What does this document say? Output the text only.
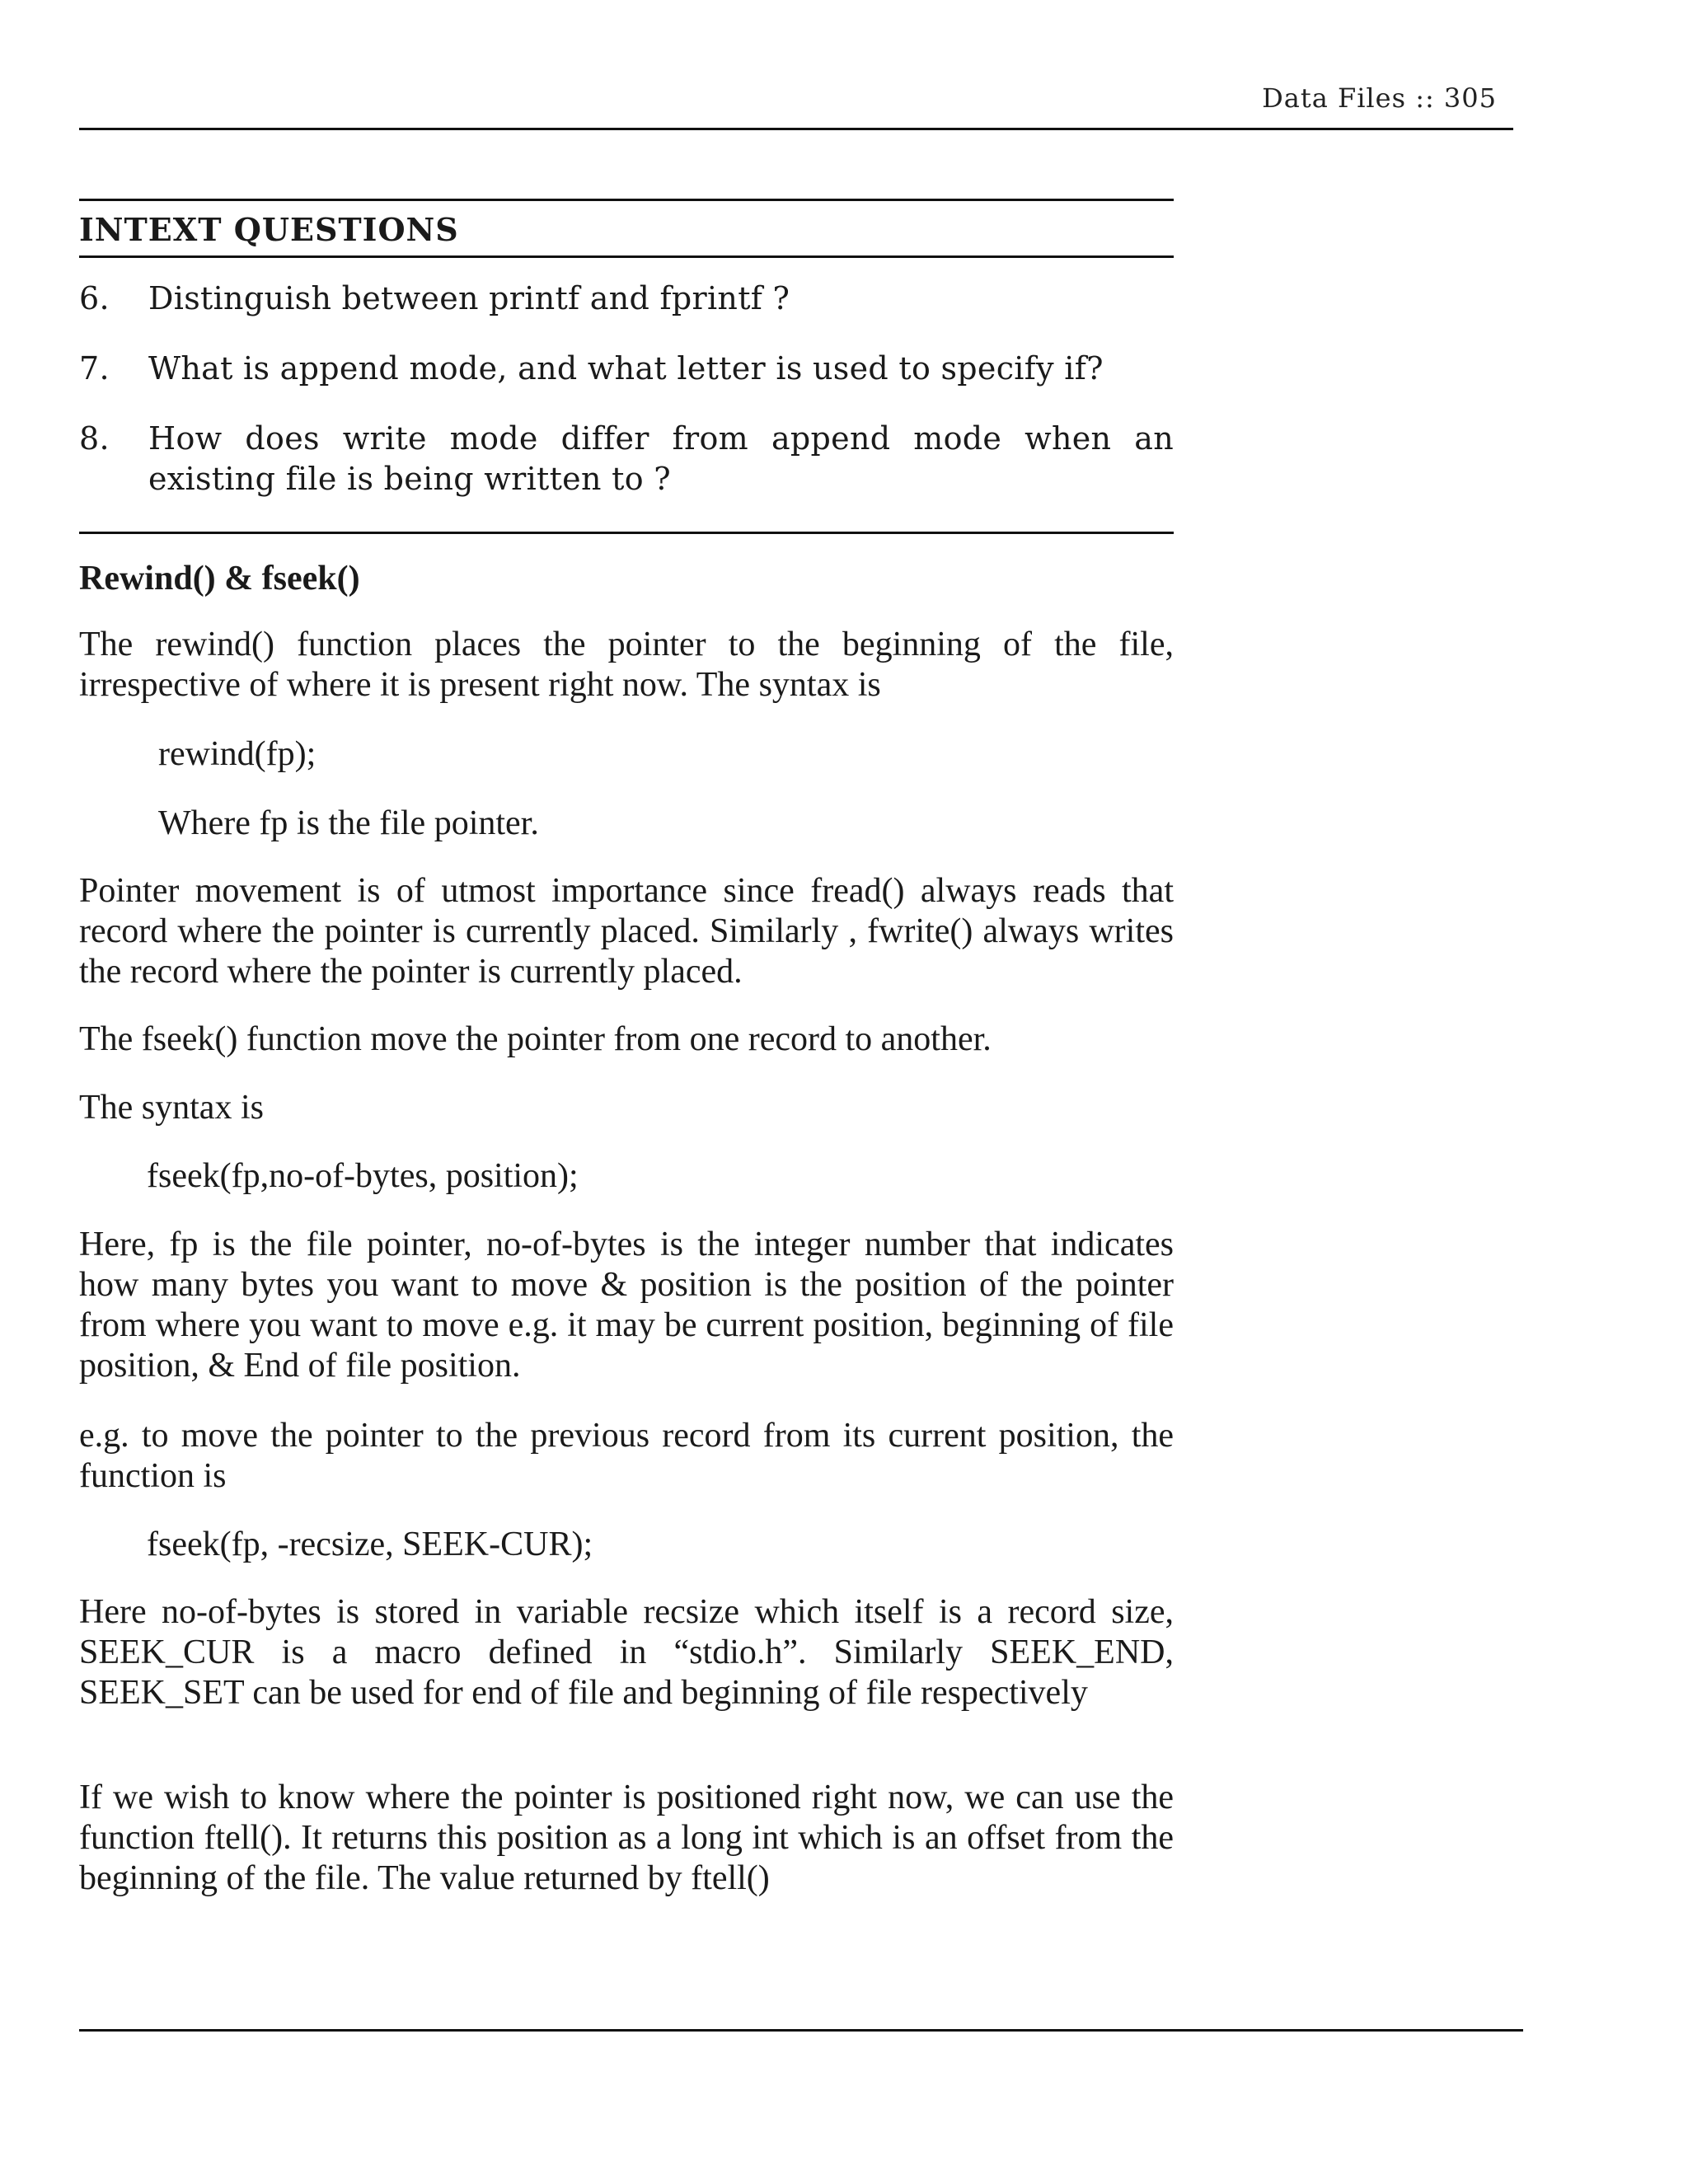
Data Files :: 305
INTEXT QUESTIONS
6.	Distinguish between printf and fprintf ?
7.	What is append mode, and what letter is used to specify if?
8.	How does write mode differ from append mode when an existing file is being written to ?
Rewind() & fseek()
The rewind() function places the pointer to the beginning of the file, irrespective of where it is present right now. The syntax is
rewind(fp);
Where fp is the file pointer.
Pointer movement is of utmost importance since fread() always reads that record where the pointer is currently placed. Similarly , fwrite() always writes the record where the pointer is currently placed.
The fseek() function move the pointer from one record to another.
The syntax is
fseek(fp,no-of-bytes, position);
Here, fp is the file pointer, no-of-bytes is the integer number that indicates how many bytes you want to move & position is the position of the pointer from where you want to move e.g. it may be current position, beginning of file position, & End of file position.
e.g. to move the pointer to the previous record from its current position, the function is
fseek(fp, -recsize, SEEK-CUR);
Here no-of-bytes is stored in variable recsize which itself is a record size, SEEK_CUR is a macro defined in “stdio.h”. Similarly SEEK_END, SEEK_SET can be used for end of file and beginning of file respectively
If we wish to know where the pointer is positioned right now, we can use the function ftell(). It returns this position as a long int which is an offset from the beginning of the file. The value returned by ftell()
